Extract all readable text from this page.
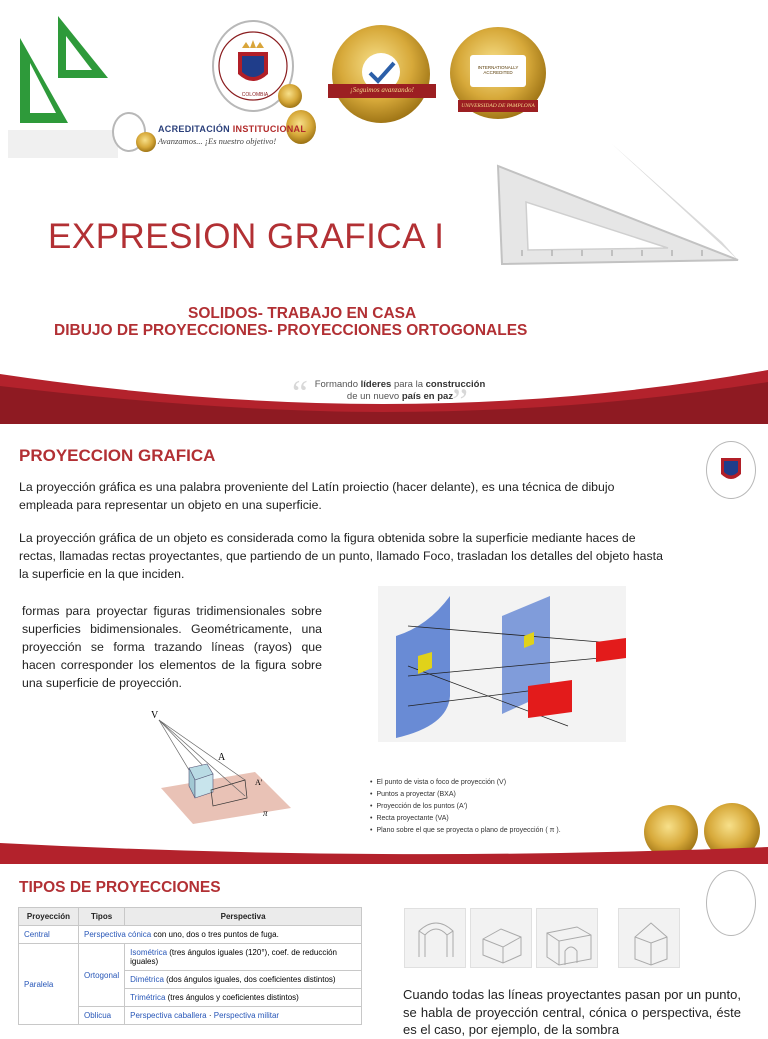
COLOMBIA
¡Seguimos avanzando!
INTERNATIONALLY ACCREDITED
UNIVERSIDAD DE PAMPLONA
ACREDITACIÓN INSTITUCIONAL
Avanzamos... ¡Es nuestro objetivo!
EXPRESION GRAFICA I
SOLIDOS- TRABAJO EN CASA
DIBUJO DE PROYECCIONES- PROYECCIONES ORTOGONALES
“	”
Formando líderes para la construcción
de un nuevo país en paz
PROYECCION GRAFICA
La proyección gráfica es una palabra proveniente del Latín proiectio (hacer delante), es una técnica de dibujo empleada para representar un objeto en una superficie.
La proyección gráfica de un objeto es considerada como la figura obtenida sobre la superficie mediante haces de rectas, llamadas rectas proyectantes, que partiendo de un punto, llamado Foco, trasladan los detalles del objeto hasta la superficie en la que inciden.
formas para proyectar figuras tridimensionales sobre superficies bidimensionales. Geométricamente, una proyección se forma trazando líneas (rayos) que hacen corresponder los elementos de la figura sobre una superficie de proyección.
V
A
A'
π
• El punto de vista o foco de proyección (V)
• Puntos a proyectar (BXA)
• Proyección de los puntos (A')
• Recta proyectante (VA)
• Plano sobre el que se proyecta o plano de proyección ( π ).
TIPOS DE PROYECCIONES
Proyección	Tipos	Perspectiva
Central	Perspectiva cónica con uno, dos o tres puntos de fuga.	
Paralela	Ortogonal	Isométrica (tres ángulos iguales (120°), coef. de reducción iguales)
		Dimétrica (dos ángulos iguales, dos coeficientes distintos)
		Trimétrica (tres ángulos y coeficientes distintos)
	Oblicua	Perspectiva caballera · Perspectiva militar
Cuando todas las líneas proyectantes pasan por un punto, se habla de proyección central, cónica o perspectiva, éste es el caso, por ejemplo, de la sombra
